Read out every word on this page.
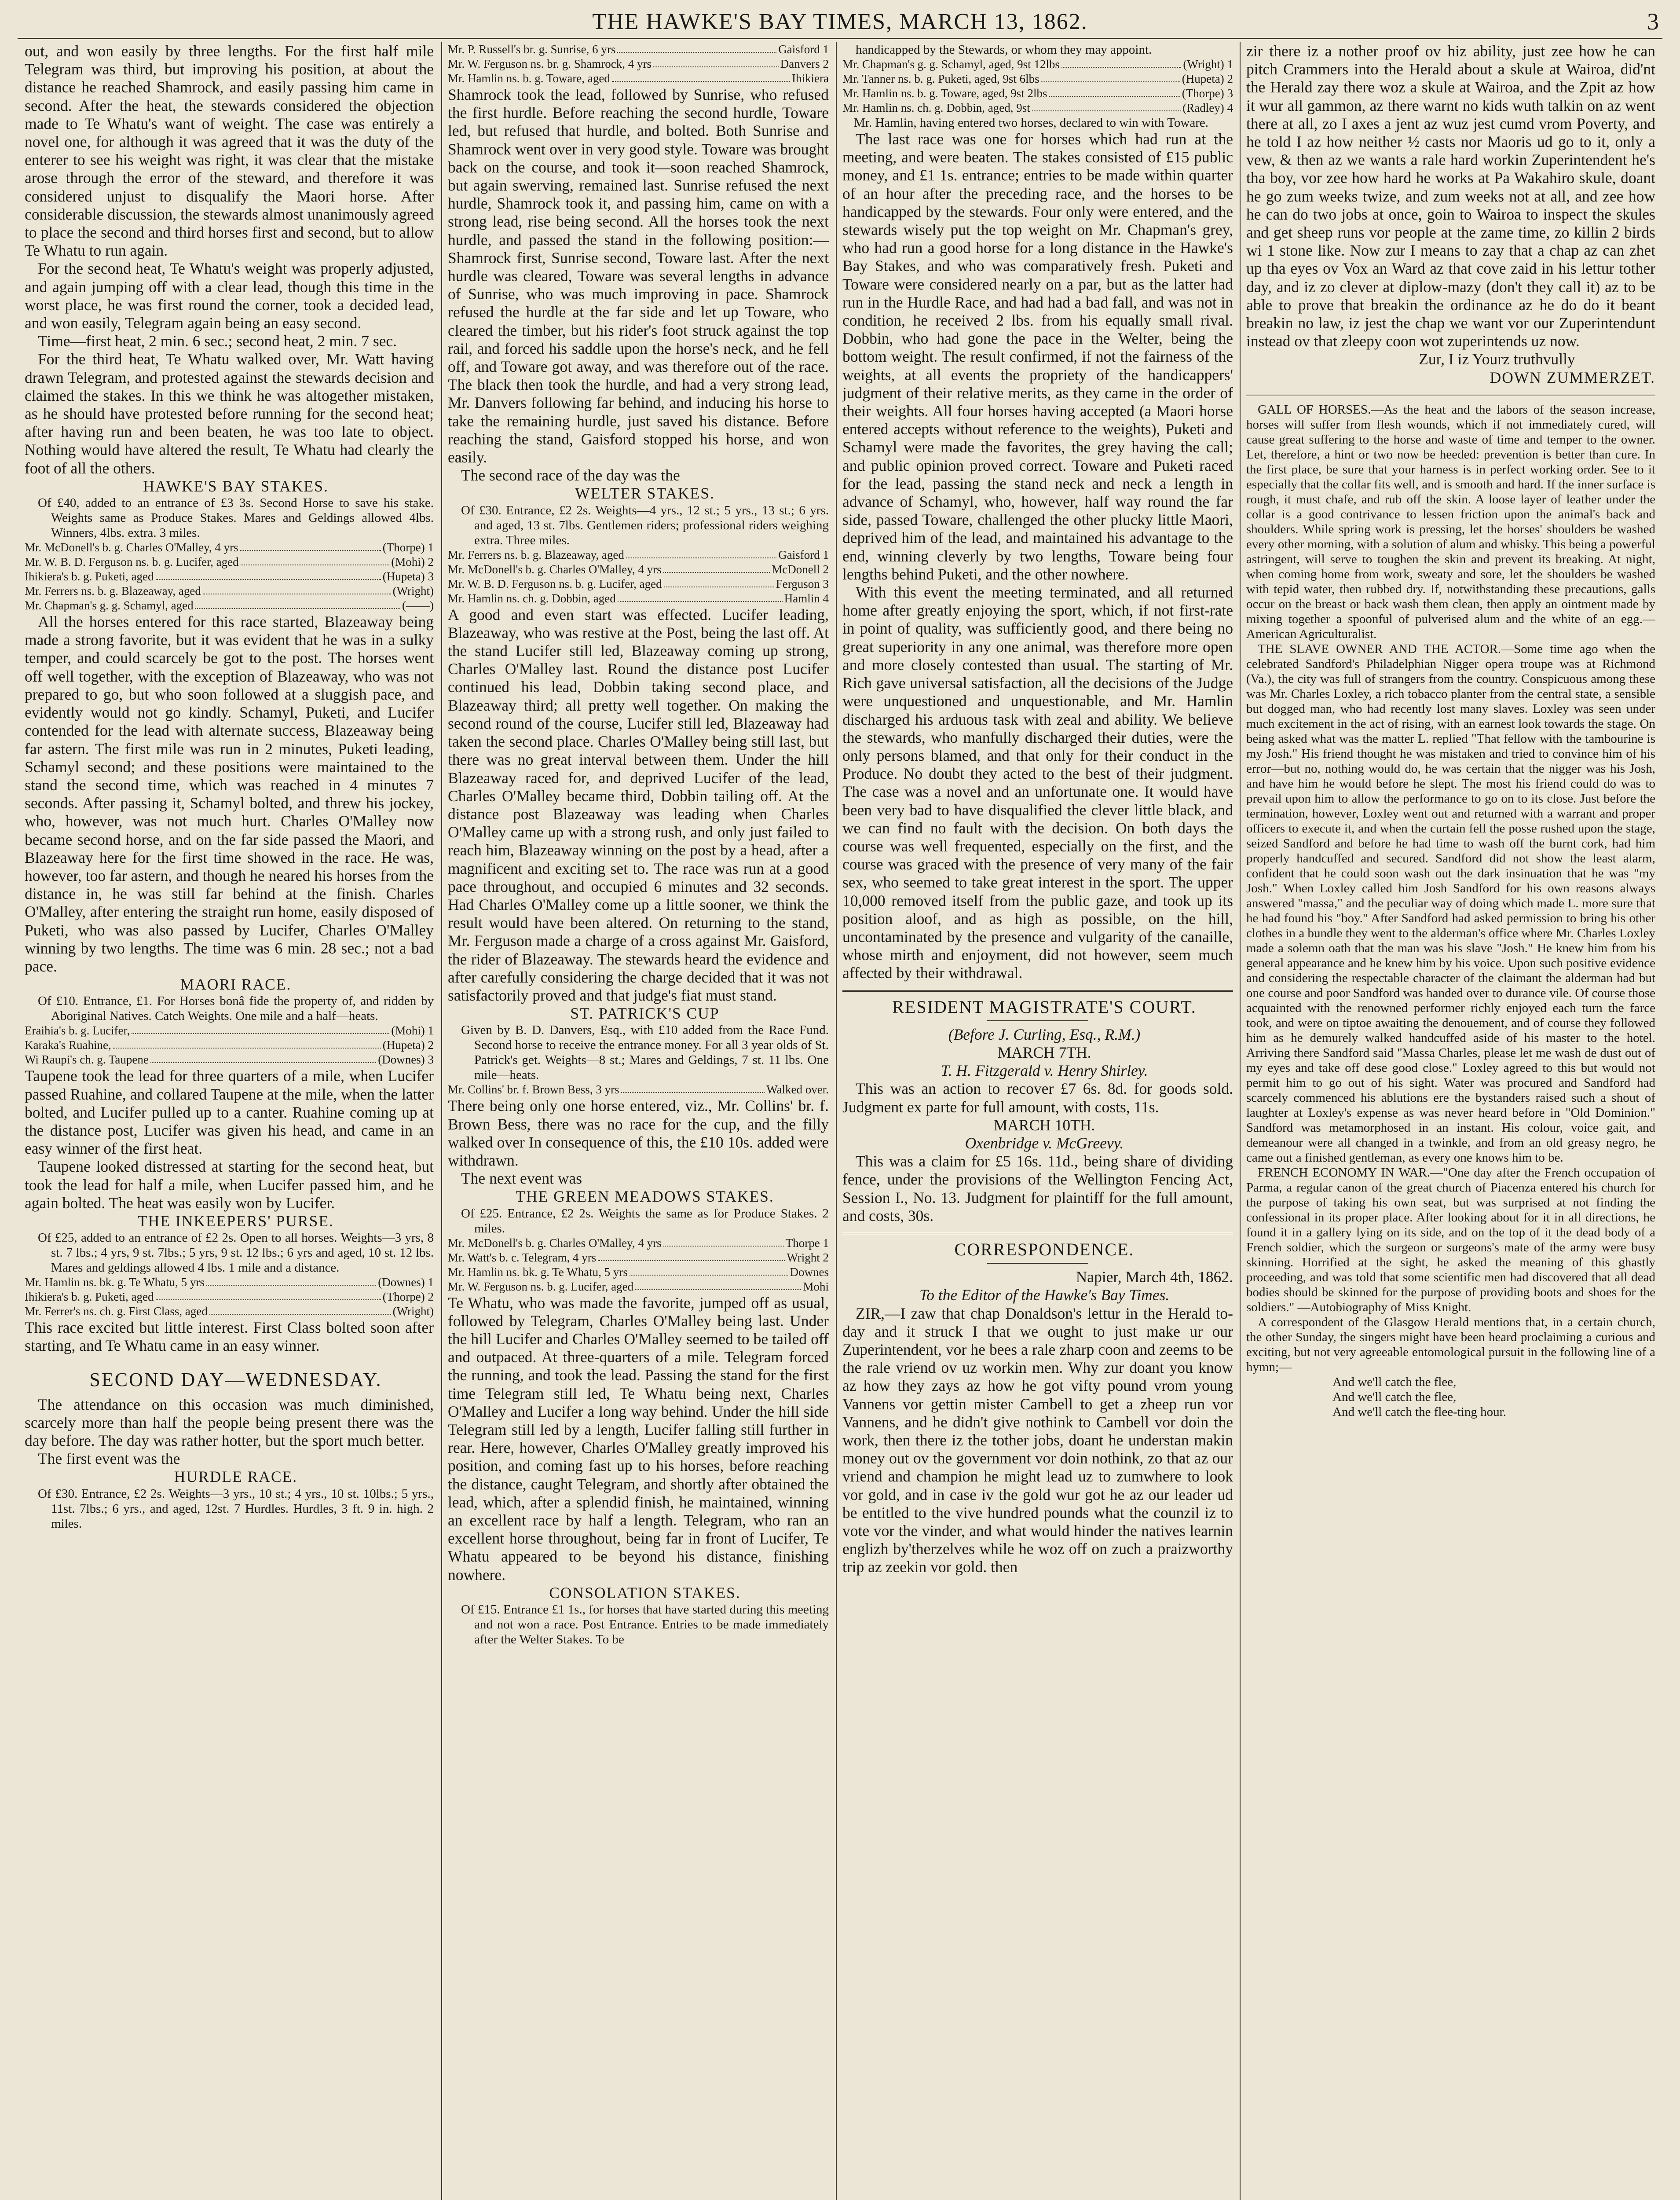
THE HAWKE'S BAY TIMES, MARCH 13, 1862.	3

out, and won easily by three lengths. For the first half mile Telegram was third, but improving his position, at about the distance he reached Shamrock, and easily passing him came in second. After the heat, the stewards considered the objection made to Te Whatu's want of weight. The case was entirely a novel one, for although it was agreed that it was the duty of the enterer to see his weight was right, it was clear that the mistake arose through the error of the steward, and therefore it was considered unjust to disqualify the Maori horse. After considerable discussion, the stewards almost unanimously agreed to place the second and third horses first and second, but to allow Te Whatu to run again.

For the second heat, Te Whatu's weight was properly adjusted, and again jumping off with a clear lead, though this time in the worst place, he was first round the corner, took a decided lead, and won easily, Telegram again being an easy second.

Time—first heat, 2 min. 6 sec.; second heat, 2 min. 7 sec.

For the third heat, Te Whatu walked over, Mr. Watt having drawn Telegram, and protested against the stewards decision and claimed the stakes. In this we think he was altogether mistaken, as he should have protested before running for the second heat; after having run and been beaten, he was too late to object. Nothing would have altered the result, Te Whatu had clearly the foot of all the others.

HAWKE'S BAY STAKES.

Of £40, added to an entrance of £3 3s. Second Horse to save his stake. Weights same as Produce Stakes. Mares and Geldings allowed 4lbs. Winners, 4lbs. extra. 3 miles.

Mr. McDonell's b. g. Charles O'Malley, 4 yrs	(Thorpe) 1
Mr. W. B. D. Ferguson ns. b. g. Lucifer, aged	(Mohi) 2
Ihikiera's b. g. Puketi, aged	(Hupeta) 3
Mr. Ferrers ns. b. g. Blazeaway, aged	(Wright)
Mr. Chapman's g. g. Schamyl, aged	(——)

All the horses entered for this race started, Blazeaway being made a strong favorite, but it was evident that he was in a sulky temper, and could scarcely be got to the post. The horses went off well together, with the exception of Blazeaway, who was not prepared to go, but who soon followed at a sluggish pace, and evidently would not go kindly. Schamyl, Puketi, and Lucifer contended for the lead with alternate success, Blazeaway being far astern. The first mile was run in 2 minutes, Puketi leading, Schamyl second; and these positions were maintained to the stand the second time, which was reached in 4 minutes 7 seconds. After passing it, Schamyl bolted, and threw his jockey, who, however, was not much hurt. Charles O'Malley now became second horse, and on the far side passed the Maori, and Blazeaway here for the first time showed in the race. He was, however, too far astern, and though he neared his horses from the distance in, he was still far behind at the finish. Charles O'Malley, after entering the straight run home, easily disposed of Puketi, who was also passed by Lucifer, Charles O'Malley winning by two lengths. The time was 6 min. 28 sec.; not a bad pace.

MAORI RACE.

Of £10. Entrance, £1. For Horses bonâ fide the property of, and ridden by Aboriginal Natives. Catch Weights. One mile and a half—heats.

Eraihia's b. g. Lucifer,	(Mohi) 1
Karaka's Ruahine,	(Hupeta) 2
Wi Raupi's ch. g. Taupene	(Downes) 3

Taupene took the lead for three quarters of a mile, when Lucifer passed Ruahine, and collared Taupene at the mile, when the latter bolted, and Lucifer pulled up to a canter. Ruahine coming up at the distance post, Lucifer was given his head, and came in an easy winner of the first heat.

Taupene looked distressed at starting for the second heat, but took the lead for half a mile, when Lucifer passed him, and he again bolted. The heat was easily won by Lucifer.

THE INKEEPERS' PURSE.

Of £25, added to an entrance of £2 2s. Open to all horses. Weights—3 yrs, 8 st. 7 lbs.; 4 yrs, 9 st. 7lbs.; 5 yrs, 9 st. 12 lbs.; 6 yrs and aged, 10 st. 12 lbs. Mares and geldings allowed 4 lbs. 1 mile and a distance.

Mr. Hamlin ns. bk. g. Te Whatu, 5 yrs	(Downes) 1
Ihikiera's b. g. Puketi, aged	(Thorpe) 2
Mr. Ferrer's ns. ch. g. First Class, aged	(Wright)

This race excited but little interest. First Class bolted soon after starting, and Te Whatu came in an easy winner.

SECOND DAY—WEDNESDAY.

The attendance on this occasion was much diminished, scarcely more than half the people being present there was the day before. The day was rather hotter, but the sport much better.

The first event was the

HURDLE RACE.

Of £30. Entrance, £2 2s. Weights—3 yrs., 10 st.; 4 yrs., 10 st. 10lbs.; 5 yrs., 11st. 7lbs.; 6 yrs., and aged, 12st. 7 Hurdles. Hurdles, 3 ft. 9 in. high. 2 miles.

Mr. P. Russell's br. g. Sunrise, 6 yrs	Gaisford 1
Mr. W. Ferguson ns. br. g. Shamrock, 4 yrs	Danvers 2
Mr. Hamlin ns. b. g. Toware, aged	Ihikiera

Shamrock took the lead, followed by Sunrise, who refused the first hurdle. Before reaching the second hurdle, Toware led, but refused that hurdle, and bolted. Both Sunrise and Shamrock went over in very good style. Toware was brought back on the course, and took it—soon reached Shamrock, but again swerving, remained last. Sunrise refused the next hurdle, Shamrock took it, and passing him, came on with a strong lead, rise being second. All the horses took the next hurdle, and passed the stand in the following position:—Shamrock first, Sunrise second, Toware last. After the next hurdle was cleared, Toware was several lengths in advance of Sunrise, who was much improving in pace. Shamrock refused the hurdle at the far side and let up Toware, who cleared the timber, but his rider's foot struck against the top rail, and forced his saddle upon the horse's neck, and he fell off, and Toware got away, and was therefore out of the race. The black then took the hurdle, and had a very strong lead, Mr. Danvers following far behind, and inducing his horse to take the remaining hurdle, just saved his distance. Before reaching the stand, Gaisford stopped his horse, and won easily.

The second race of the day was the

WELTER STAKES.

Of £30. Entrance, £2 2s. Weights—4 yrs., 12 st.; 5 yrs., 13 st.; 6 yrs. and aged, 13 st. 7lbs. Gentlemen riders; professional riders weighing extra. Three miles.

Mr. Ferrers ns. b. g. Blazeaway, aged	Gaisford 1
Mr. McDonell's b. g. Charles O'Malley, 4 yrs	McDonell 2
Mr. W. B. D. Ferguson ns. b. g. Lucifer, aged	Ferguson 3
Mr. Hamlin ns. ch. g. Dobbin, aged	Hamlin 4

A good and even start was effected. Lucifer leading, Blazeaway, who was restive at the Post, being the last off. At the stand Lucifer still led, Blazeaway coming up strong, Charles O'Malley last. Round the distance post Lucifer continued his lead, Dobbin taking second place, and Blazeaway third; all pretty well together. On making the second round of the course, Lucifer still led, Blazeaway had taken the second place. Charles O'Malley being still last, but there was no great interval between them. Under the hill Blazeaway raced for, and deprived Lucifer of the lead, Charles O'Malley became third, Dobbin tailing off. At the distance post Blazeaway was leading when Charles O'Malley came up with a strong rush, and only just failed to reach him, Blazeaway winning on the post by a head, after a magnificent and exciting set to. The race was run at a good pace throughout, and occupied 6 minutes and 32 seconds. Had Charles O'Malley come up a little sooner, we think the result would have been altered. On returning to the stand, Mr. Ferguson made a charge of a cross against Mr. Gaisford, the rider of Blazeaway. The stewards heard the evidence and after carefully considering the charge decided that it was not satisfactorily proved and that judge's fiat must stand.

ST. PATRICK'S CUP

Given by B. D. Danvers, Esq., with £10 added from the Race Fund. Second horse to receive the entrance money. For all 3 year olds of St. Patrick's get. Weights—8 st.; Mares and Geldings, 7 st. 11 lbs. One mile—heats.

Mr. Collins' br. f. Brown Bess, 3 yrs	Walked over.

There being only one horse entered, viz., Mr. Collins' br. f. Brown Bess, there was no race for the cup, and the filly walked over In consequence of this, the £10 10s. added were withdrawn.

The next event was

THE GREEN MEADOWS STAKES.

Of £25. Entrance, £2 2s. Weights the same as for Produce Stakes. 2 miles.

Mr. McDonell's b. g. Charles O'Malley, 4 yrs	Thorpe 1
Mr. Watt's b. c. Telegram, 4 yrs	Wright 2
Mr. Hamlin ns. bk. g. Te Whatu, 5 yrs	Downes
Mr. W. Ferguson ns. b. g. Lucifer, aged	Mohi

Te Whatu, who was made the favorite, jumped off as usual, followed by Telegram, Charles O'Malley being last. Under the hill Lucifer and Charles O'Malley seemed to be tailed off and outpaced. At three-quarters of a mile. Telegram forced the running, and took the lead. Passing the stand for the first time Telegram still led, Te Whatu being next, Charles O'Malley and Lucifer a long way behind. Under the hill side Telegram still led by a length, Lucifer falling still further in rear. Here, however, Charles O'Malley greatly improved his position, and coming fast up to his horses, before reaching the distance, caught Telegram, and shortly after obtained the lead, which, after a splendid finish, he maintained, winning an excellent race by half a length. Telegram, who ran an excellent horse throughout, being far in front of Lucifer, Te Whatu appeared to be beyond his distance, finishing nowhere.

CONSOLATION STAKES.

Of £15. Entrance £1 1s., for horses that have started during this meeting and not won a race. Post Entrance. Entries to be made immediately after the Welter Stakes. To be

handicapped by the Stewards, or whom they may appoint.

Mr. Chapman's g. g. Schamyl, aged, 9st 12lbs	(Wright) 1
Mr. Tanner ns. b. g. Puketi, aged, 9st 6lbs	(Hupeta) 2
Mr. Hamlin ns. b. g. Toware, aged, 9st 2lbs	(Thorpe) 3
Mr. Hamlin ns. ch. g. Dobbin, aged, 9st	(Radley) 4

Mr. Hamlin, having entered two horses, declared to win with Toware.

The last race was one for horses which had run at the meeting, and were beaten. The stakes consisted of £15 public money, and £1 1s. entrance; entries to be made within quarter of an hour after the preceding race, and the horses to be handicapped by the stewards. Four only were entered, and the stewards wisely put the top weight on Mr. Chapman's grey, who had run a good horse for a long distance in the Hawke's Bay Stakes, and who was comparatively fresh. Puketi and Toware were considered nearly on a par, but as the latter had run in the Hurdle Race, and had had a bad fall, and was not in condition, he received 2 lbs. from his equally small rival. Dobbin, who had gone the pace in the Welter, being the bottom weight. The result confirmed, if not the fairness of the weights, at all events the propriety of the handicappers' judgment of their relative merits, as they came in the order of their weights. All four horses having accepted (a Maori horse entered accepts without reference to the weights), Puketi and Schamyl were made the favorites, the grey having the call; and public opinion proved correct. Toware and Puketi raced for the lead, passing the stand neck and neck a length in advance of Schamyl, who, however, half way round the far side, passed Toware, challenged the other plucky little Maori, deprived him of the lead, and maintained his advantage to the end, winning cleverly by two lengths, Toware being four lengths behind Puketi, and the other nowhere.

With this event the meeting terminated, and all returned home after greatly enjoying the sport, which, if not first-rate in point of quality, was sufficiently good, and there being no great superiority in any one animal, was therefore more open and more closely contested than usual. The starting of Mr. Rich gave universal satisfaction, all the decisions of the Judge were unquestioned and unquestionable, and Mr. Hamlin discharged his arduous task with zeal and ability. We believe the stewards, who manfully discharged their duties, were the only persons blamed, and that only for their conduct in the Produce. No doubt they acted to the best of their judgment. The case was a novel and an unfortunate one. It would have been very bad to have disqualified the clever little black, and we can find no fault with the decision. On both days the course was well frequented, especially on the first, and the course was graced with the presence of very many of the fair sex, who seemed to take great interest in the sport. The upper 10,000 removed itself from the public gaze, and took up its position aloof, and as high as possible, on the hill, uncontaminated by the presence and vulgarity of the canaille, whose mirth and enjoyment, did not however, seem much affected by their withdrawal.

RESIDENT MAGISTRATE'S COURT.

(Before J. Curling, Esq., R.M.)

MARCH 7TH.

T. H. Fitzgerald v. Henry Shirley.

This was an action to recover £7 6s. 8d. for goods sold. Judgment ex parte for full amount, with costs, 11s.

MARCH 10TH.

Oxenbridge v. McGreevy.

This was a claim for £5 16s. 11d., being share of dividing fence, under the provisions of the Wellington Fencing Act, Session I., No. 13. Judgment for plaintiff for the full amount, and costs, 30s.

CORRESPONDENCE.

Napier, March 4th, 1862.

To the Editor of the Hawke's Bay Times.

ZIR,—I zaw that chap Donaldson's lettur in the Herald to-day and it struck I that we ought to just make ur our Zuperintendent, vor he bees a rale zharp coon and zeems to be the rale vriend ov uz workin men. Why zur doant you know az how they zays az how he got vifty pound vrom young Vannens vor gettin mister Cambell to get a zheep run vor Vannens, and he didn't give nothink to Cambell vor doin the work, then there iz the tother jobs, doant he understan makin money out ov the government vor doin nothink, zo that az our vriend and champion he might lead uz to zumwhere to look vor gold, and in case iv the gold wur got he az our leader ud be entitled to the vive hundred pounds what the counzil iz to vote vor the vinder, and what would hinder the natives learnin englizh by'therzelves while he woz off on zuch a praizworthy trip az zeekin vor gold. then

zir there iz a nother proof ov hiz ability, just zee how he can pitch Crammers into the Herald about a skule at Wairoa, did'nt the Herald zay there woz a skule at Wairoa, and the Zpit az how it wur all gammon, az there warnt no kids wuth talkin on az went there at all, zo I axes a jent az wuz jest cumd vrom Poverty, and he told I az how neither ½ casts nor Maoris ud go to it, only a vew, & then az we wants a rale hard workin Zuperintendent he's tha boy, vor zee how hard he works at Pa Wakahiro skule, doant he go zum weeks twize, and zum weeks not at all, and zee how he can do two jobs at once, goin to Wairoa to inspect the skules and get sheep runs vor people at the zame time, zo killin 2 birds wi 1 stone like. Now zur I means to zay that a chap az can zhet up tha eyes ov Vox an Ward az that cove zaid in his lettur tother day, and iz zo clever at diplow-mazy (don't they call it) az to be able to prove that breakin the ordinance az he do do it beant breakin no law, iz jest the chap we want vor our Zuperintendunt instead ov that zleepy coon wot zuperintends uz now.

Zur, I iz Yourz truthvully

DOWN ZUMMERZET.

GALL OF HORSES.—As the heat and the labors of the season increase, horses will suffer from flesh wounds, which if not immediately cured, will cause great suffering to the horse and waste of time and temper to the owner. Let, therefore, a hint or two now be heeded: prevention is better than cure. In the first place, be sure that your harness is in perfect working order. See to it especially that the collar fits well, and is smooth and hard. If the inner surface is rough, it must chafe, and rub off the skin. A loose layer of leather under the collar is a good contrivance to lessen friction upon the animal's back and shoulders. While spring work is pressing, let the horses' shoulders be washed every other morning, with a solution of alum and whisky. This being a powerful astringent, will serve to toughen the skin and prevent its breaking. At night, when coming home from work, sweaty and sore, let the shoulders be washed with tepid water, then rubbed dry. If, notwithstanding these precautions, galls occur on the breast or back wash them clean, then apply an ointment made by mixing together a spoonful of pulverised alum and the white of an egg.—American Agriculturalist.

THE SLAVE OWNER AND THE ACTOR.—Some time ago when the celebrated Sandford's Philadelphian Nigger opera troupe was at Richmond (Va.), the city was full of strangers from the country. Conspicuous among these was Mr. Charles Loxley, a rich tobacco planter from the central state, a sensible but dogged man, who had recently lost many slaves. Loxley was seen under much excitement in the act of rising, with an earnest look towards the stage. On being asked what was the matter L. replied "That fellow with the tambourine is my Josh." His friend thought he was mistaken and tried to convince him of his error—but no, nothing would do, he was certain that the nigger was his Josh, and have him he would before he slept. The most his friend could do was to prevail upon him to allow the performance to go on to its close. Just before the termination, however, Loxley went out and returned with a warrant and proper officers to execute it, and when the curtain fell the posse rushed upon the stage, seized Sandford and before he had time to wash off the burnt cork, had him properly handcuffed and secured. Sandford did not show the least alarm, confident that he could soon wash out the dark insinuation that he was "my Josh." When Loxley called him Josh Sandford for his own reasons always answered "massa," and the peculiar way of doing which made L. more sure that he had found his "boy." After Sandford had asked permission to bring his other clothes in a bundle they went to the alderman's office where Mr. Charles Loxley made a solemn oath that the man was his slave "Josh." He knew him from his general appearance and he knew him by his voice. Upon such positive evidence and considering the respectable character of the claimant the alderman had but one course and poor Sandford was handed over to durance vile. Of course those acquainted with the renowned performer richly enjoyed each turn the farce took, and were on tiptoe awaiting the denouement, and of course they followed him as he demurely walked handcuffed aside of his master to the hotel. Arriving there Sandford said "Massa Charles, please let me wash de dust out of my eyes and take off dese good close." Loxley agreed to this but would not permit him to go out of his sight. Water was procured and Sandford had scarcely commenced his ablutions ere the bystanders raised such a shout of laughter at Loxley's expense as was never heard before in "Old Dominion." Sandford was metamorphosed in an instant. His colour, voice gait, and demeanour were all changed in a twinkle, and from an old greasy negro, he came out a finished gentleman, as every one knows him to be.

FRENCH ECONOMY IN WAR.—"One day after the French occupation of Parma, a regular canon of the great church of Piacenza entered his church for the purpose of taking his own seat, but was surprised at not finding the confessional in its proper place. After looking about for it in all directions, he found it in a gallery lying on its side, and on the top of it the dead body of a French soldier, which the surgeon or surgeons's mate of the army were busy skinning. Horrified at the sight, he asked the meaning of this ghastly proceeding, and was told that some scientific men had discovered that all dead bodies should be skinned for the purpose of providing boots and shoes for the soldiers." —Autobiography of Miss Knight.

A correspondent of the Glasgow Herald mentions that, in a certain church, the other Sunday, the singers might have been heard proclaiming a curious and exciting, but not very agreeable entomological pursuit in the following line of a hymn;—

And we'll catch the flee,

And we'll catch the flee,

And we'll catch the flee-ting hour.
